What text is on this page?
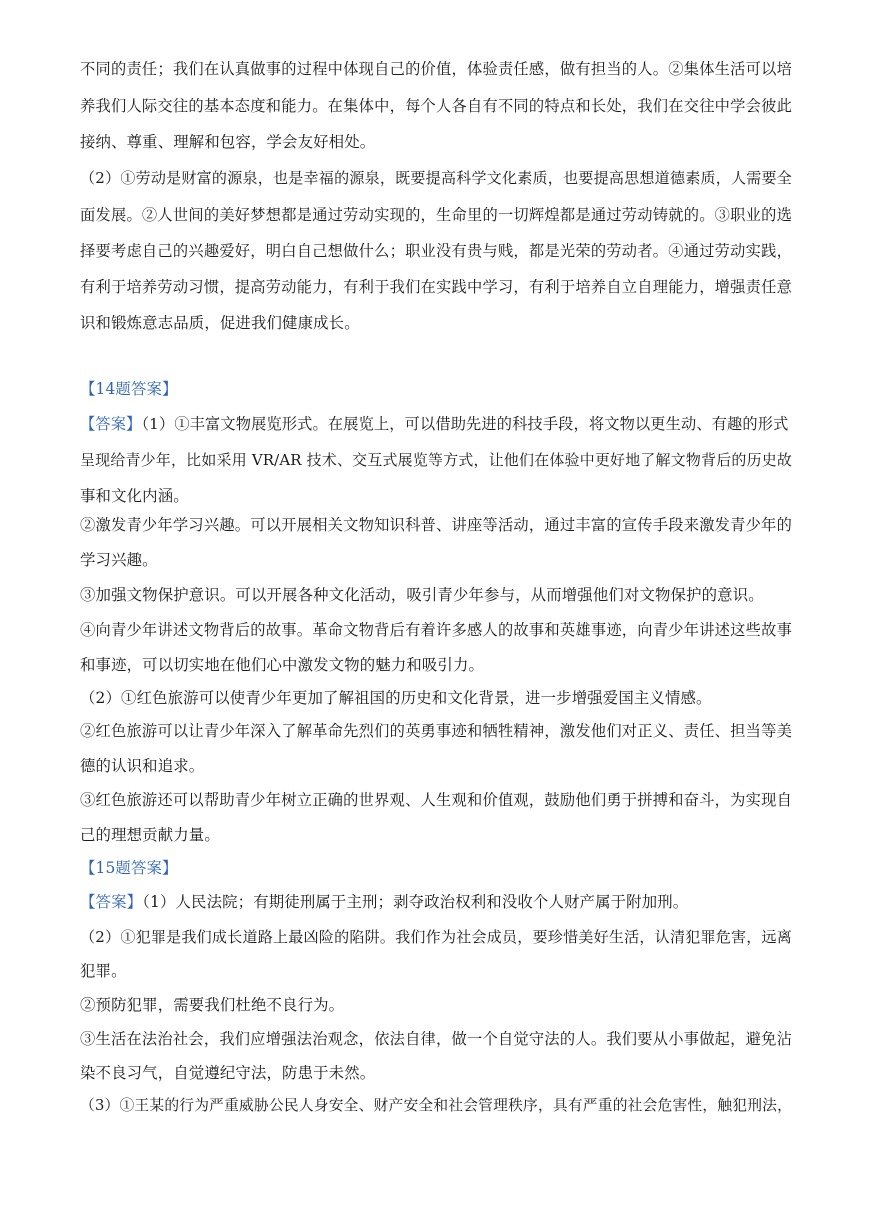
不同的责任；我们在认真做事的过程中体现自己的价值，体验责任感，做有担当的人。②集体生活可以培
养我们人际交往的基本态度和能力。在集体中，每个人各自有不同的特点和长处，我们在交往中学会彼此
接纳、尊重、理解和包容，学会友好相处。
（2）①劳动是财富的源泉，也是幸福的源泉，既要提高科学文化素质，也要提高思想道德素质，人需要全
面发展。②人世间的美好梦想都是通过劳动实现的，生命里的一切辉煌都是通过劳动铸就的。③职业的选
择要考虑自己的兴趣爱好，明白自己想做什么；职业没有贵与贱，都是光荣的劳动者。④通过劳动实践，
有利于培养劳动习惯，提高劳动能力，有利于我们在实践中学习，有利于培养自立自理能力，增强责任意
识和锻炼意志品质，促进我们健康成长。
【14题答案】
【答案】（1）①丰富文物展览形式。在展览上，可以借助先进的科技手段，将文物以更生动、有趣的形式
呈现给青少年，比如采用 VR/AR 技术、交互式展览等方式，让他们在体验中更好地了解文物背后的历史故
事和文化内涵。
②激发青少年学习兴趣。可以开展相关文物知识科普、讲座等活动，通过丰富的宣传手段来激发青少年的
学习兴趣。
③加强文物保护意识。可以开展各种文化活动，吸引青少年参与，从而增强他们对文物保护的意识。
④向青少年讲述文物背后的故事。革命文物背后有着许多感人的故事和英雄事迹，向青少年讲述这些故事
和事迹，可以切实地在他们心中激发文物的魅力和吸引力。
（2）①红色旅游可以使青少年更加了解祖国的历史和文化背景，进一步增强爱国主义情感。
②红色旅游可以让青少年深入了解革命先烈们的英勇事迹和牺牲精神，激发他们对正义、责任、担当等美
德的认识和追求。
③红色旅游还可以帮助青少年树立正确的世界观、人生观和价值观，鼓励他们勇于拼搏和奋斗，为实现自
己的理想贡献力量。
【15题答案】
【答案】（1）人民法院；有期徒刑属于主刑；剥夺政治权利和没收个人财产属于附加刑。
（2）①犯罪是我们成长道路上最凶险的陷阱。我们作为社会成员，要珍惜美好生活，认清犯罪危害，远离
犯罪。
②预防犯罪，需要我们杜绝不良行为。
③生活在法治社会，我们应增强法治观念，依法自律，做一个自觉守法的人。我们要从小事做起，避免沾
染不良习气，自觉遵纪守法，防患于未然。
（3）①王某的行为严重威胁公民人身安全、财产安全和社会管理秩序，具有严重的社会危害性，触犯刑法，
